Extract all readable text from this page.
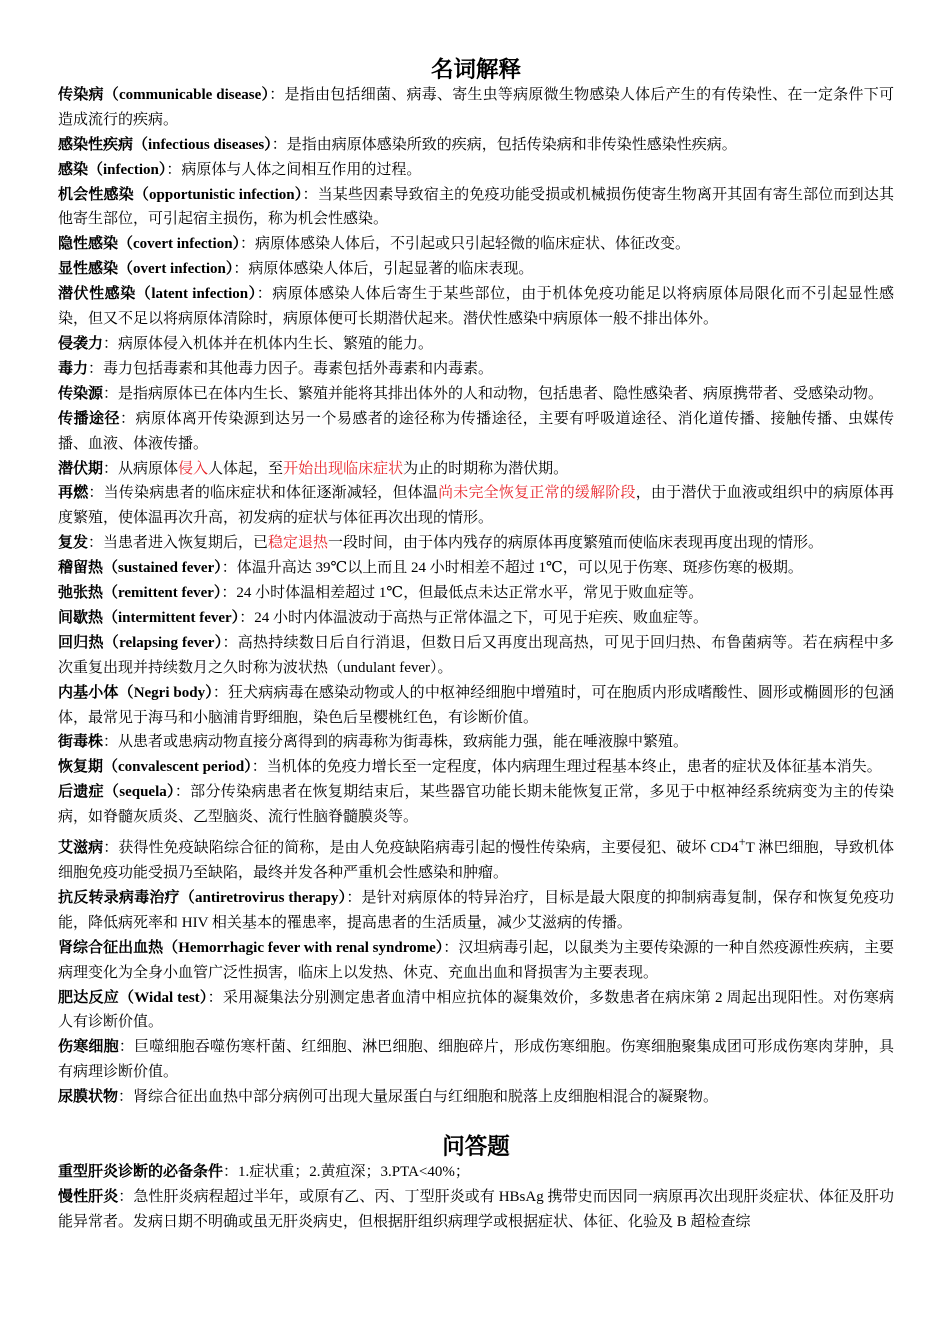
名词解释

传染病（communicable disease）：是指由包括细菌、病毒、寄生虫等病原微生物感染人体后产生的有传染性、在一定条件下可造成流行的疾病。

感染性疾病（infectious diseases）：是指由病原体感染所致的疾病，包括传染病和非传染性感染性疾病。

感染（infection）：病原体与人体之间相互作用的过程。

机会性感染（opportunistic infection）：当某些因素导致宿主的免疫功能受损或机械损伤使寄生物离开其固有寄生部位而到达其他寄生部位，可引起宿主损伤，称为机会性感染。

隐性感染（covert infection）：病原体感染人体后，不引起或只引起轻微的临床症状、体征改变。

显性感染（overt infection）：病原体感染人体后，引起显著的临床表现。

潜伏性感染（latent infection）：病原体感染人体后寄生于某些部位，由于机体免疫功能足以将病原体局限化而不引起显性感染，但又不足以将病原体清除时，病原体便可长期潜伏起来。潜伏性感染中病原体一般不排出体外。

侵袭力：病原体侵入机体并在机体内生长、繁殖的能力。

毒力：毒力包括毒素和其他毒力因子。毒素包括外毒素和内毒素。

传染源：是指病原体已在体内生长、繁殖并能将其排出体外的人和动物，包括患者、隐性感染者、病原携带者、受感染动物。

传播途径：病原体离开传染源到达另一个易感者的途径称为传播途径，主要有呼吸道途径、消化道传播、接触传播、虫媒传播、血液、体液传播。

潜伏期：从病原体侵入人体起，至开始出现临床症状为止的时期称为潜伏期。

再燃：当传染病患者的临床症状和体征逐渐减轻，但体温尚未完全恢复正常的缓解阶段，由于潜伏于血液或组织中的病原体再度繁殖，使体温再次升高，初发病的症状与体征再次出现的情形。

复发：当患者进入恢复期后，已稳定退热一段时间，由于体内残存的病原体再度繁殖而使临床表现再度出现的情形。

稽留热（sustained fever）：体温升高达 39℃以上而且 24 小时相差不超过 1℃，可以见于伤寒、斑疹伤寒的极期。

弛张热（remittent fever）：24 小时体温相差超过 1℃，但最低点未达正常水平，常见于败血症等。

间歇热（intermittent fever）：24 小时内体温波动于高热与正常体温之下，可见于疟疾、败血症等。

回归热（relapsing fever）：高热持续数日后自行消退，但数日后又再度出现高热，可见于回归热、布鲁菌病等。若在病程中多次重复出现并持续数月之久时称为波状热（undulant fever）。

内基小体（Negri body）：狂犬病病毒在感染动物或人的中枢神经细胞中增殖时，可在胞质内形成嗜酸性、圆形或椭圆形的包涵体，最常见于海马和小脑浦肯野细胞，染色后呈樱桃红色，有诊断价值。

街毒株：从患者或患病动物直接分离得到的病毒称为街毒株，致病能力强，能在唾液腺中繁殖。

恢复期（convalescent period）：当机体的免疫力增长至一定程度，体内病理生理过程基本终止，患者的症状及体征基本消失。

后遗症（sequela）：部分传染病患者在恢复期结束后，某些器官功能长期未能恢复正常，多见于中枢神经系统病变为主的传染病，如脊髓灰质炎、乙型脑炎、流行性脑脊髓膜炎等。

艾滋病：获得性免疫缺陷综合征的简称，是由人免疫缺陷病毒引起的慢性传染病，主要侵犯、破坏 CD4+T 淋巴细胞，导致机体细胞免疫功能受损乃至缺陷，最终并发各种严重机会性感染和肿瘤。

抗反转录病毒治疗（antiretrovirus therapy）：是针对病原体的特异治疗，目标是最大限度的抑制病毒复制，保存和恢复免疫功能，降低病死率和 HIV 相关基本的罹患率，提高患者的生活质量，减少艾滋病的传播。

肾综合征出血热（Hemorrhagic fever with renal syndrome）：汉坦病毒引起，以鼠类为主要传染源的一种自然疫源性疾病，主要病理变化为全身小血管广泛性损害，临床上以发热、休克、充血出血和肾损害为主要表现。

肥达反应（Widal test）：采用凝集法分别测定患者血清中相应抗体的凝集效价，多数患者在病床第 2 周起出现阳性。对伤寒病人有诊断价值。

伤寒细胞：巨噬细胞吞噬伤寒杆菌、红细胞、淋巴细胞、细胞碎片，形成伤寒细胞。伤寒细胞聚集成团可形成伤寒肉芽肿，具有病理诊断价值。

尿膜状物：肾综合征出血热中部分病例可出现大量尿蛋白与红细胞和脱落上皮细胞相混合的凝聚物。

问答题

重型肝炎诊断的必备条件：1.症状重；2.黄疸深；3.PTA<40%；

慢性肝炎：急性肝炎病程超过半年，或原有乙、丙、丁型肝炎或有 HBsAg 携带史而因同一病原再次出现肝炎症状、体征及肝功能异常者。发病日期不明确或虽无肝炎病史，但根据肝组织病理学或根据症状、体征、化验及 B 超检查综
